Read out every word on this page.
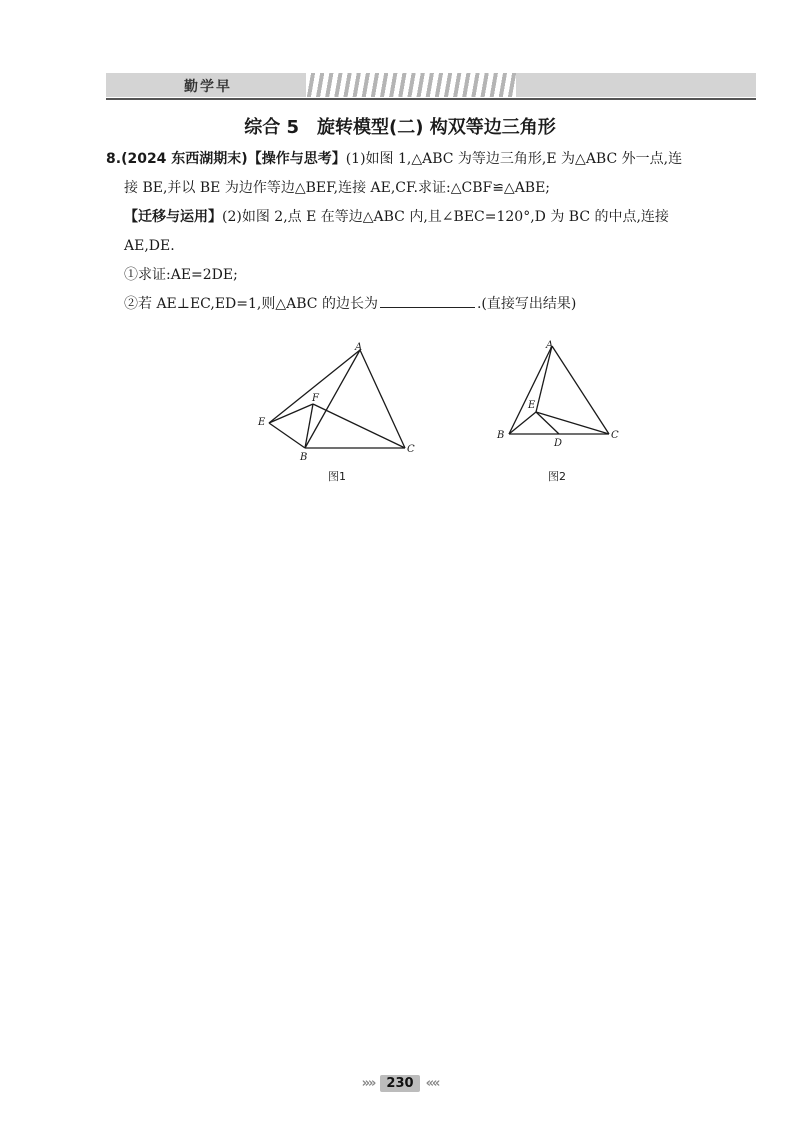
勤学早
综合 5　旋转模型(二) 构双等边三角形

8.(2024 东西湖期末)【操作与思考】(1)如图 1,△ABC 为等边三角形,E 为△ABC 外一点,连

接 BE,并以 BE 为边作等边△BEF,连接 AE,CF.求证:△CBF≌△ABE;

【迁移与运用】(2)如图 2,点 E 在等边△ABC 内,且∠BEC=120°,D 为 BC 的中点,连接

AE,DE.

①求证:AE=2DE;

②若 AE⊥EC,ED=1,则△ABC 的边长为	.(直接写出结果)

A
B
C
E
F
图1
A
B	C
D
E
图2
»» 230 ««
